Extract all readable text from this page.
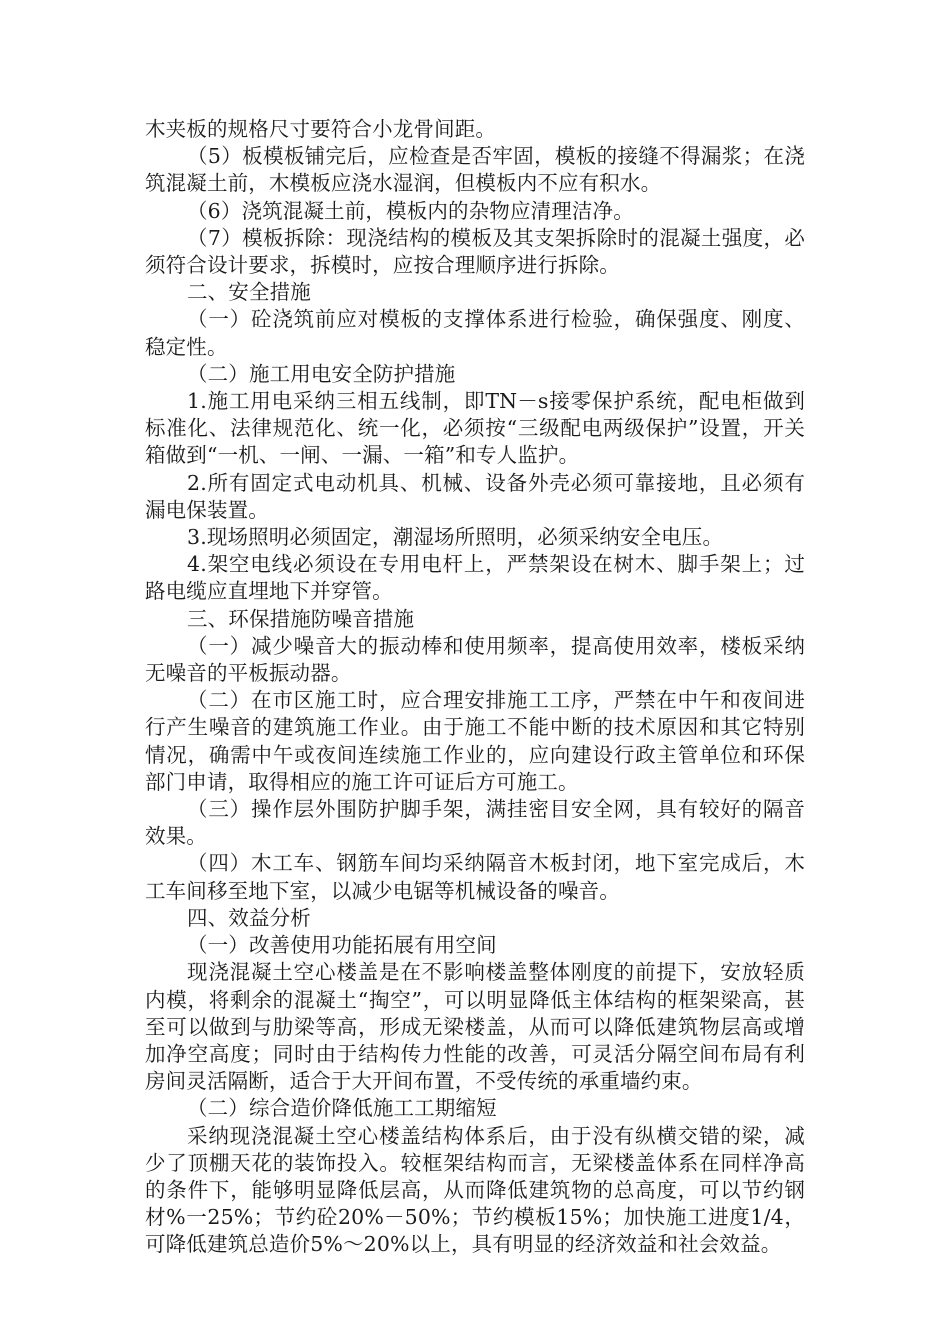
木夹板的规格尺寸要符合小龙骨间距。

（5）板模板铺完后，应检查是否牢固，模板的接缝不得漏浆；在浇筑混凝土前，木模板应浇水湿润，但模板内不应有积水。

（6）浇筑混凝土前，模板内的杂物应清理洁净。

（7）模板拆除：现浇结构的模板及其支架拆除时的混凝土强度，必须符合设计要求，拆模时，应按合理顺序进行拆除。

二、安全措施

（一）砼浇筑前应对模板的支撑体系进行检验，确保强度、刚度、稳定性。

（二）施工用电安全防护措施

1.施工用电采纳三相五线制，即TN－s接零保护系统，配电柜做到标准化、法律规范化、统一化，必须按“三级配电两级保护”设置，开关箱做到“一机、一闸、一漏、一箱”和专人监护。

2.所有固定式电动机具、机械、设备外壳必须可靠接地，且必须有漏电保装置。

3.现场照明必须固定，潮湿场所照明，必须采纳安全电压。

4.架空电线必须设在专用电杆上，严禁架设在树木、脚手架上；过路电缆应直埋地下并穿管。

三、环保措施防噪音措施

（一）减少噪音大的振动棒和使用频率，提高使用效率，楼板采纳无噪音的平板振动器。

（二）在市区施工时，应合理安排施工工序，严禁在中午和夜间进行产生噪音的建筑施工作业。由于施工不能中断的技术原因和其它特别情况，确需中午或夜间连续施工作业的，应向建设行政主管单位和环保部门申请，取得相应的施工许可证后方可施工。

（三）操作层外围防护脚手架，满挂密目安全网，具有较好的隔音效果。

（四）木工车、钢筋车间均采纳隔音木板封闭，地下室完成后，木工车间移至地下室，以减少电锯等机械设备的噪音。

四、效益分析

（一）改善使用功能拓展有用空间

现浇混凝土空心楼盖是在不影响楼盖整体刚度的前提下，安放轻质内模，将剩余的混凝土“掏空”，可以明显降低主体结构的框架梁高，甚至可以做到与肋梁等高，形成无梁楼盖，从而可以降低建筑物层高或增加净空高度；同时由于结构传力性能的改善，可灵活分隔空间布局有利房间灵活隔断，适合于大开间布置，不受传统的承重墙约束。

（二）综合造价降低施工工期缩短

采纳现浇混凝土空心楼盖结构体系后，由于没有纵横交错的梁，减少了顶棚天花的装饰投入。较框架结构而言，无梁楼盖体系在同样净高的条件下，能够明显降低层高，从而降低建筑物的总高度，可以节约钢材%一25%；节约砼20%－50%；节约模板15%；加快施工进度1/4，可降低建筑总造价5%～20%以上，具有明显的经济效益和社会效益。
